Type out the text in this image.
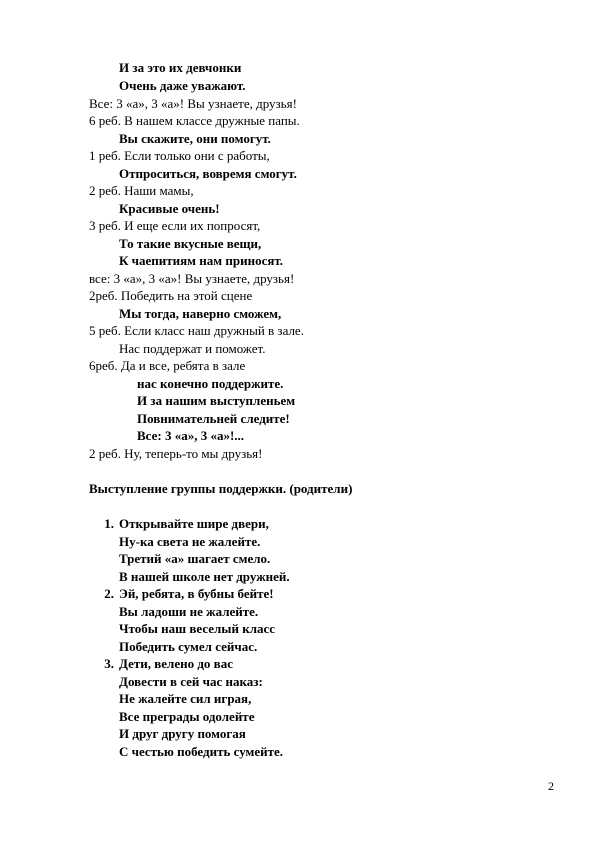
И за это их девчонки
Очень даже уважают.
Все: 3 «а», 3 «а»! Вы узнаете, друзья!
6 реб. В нашем классе дружные папы.
Вы скажите, они помогут.
1 реб. Если только они с работы,
Отпроситься, вовремя смогут.
2 реб. Наши мамы,
Красивые очень!
3 реб. И еще если их попросят,
То такие вкусные вещи,
К чаепитиям нам приносят.
все: 3 «а», 3 «а»! Вы узнаете, друзья!
2реб. Победить на этой сцене
Мы тогда, наверно сможем,
5 реб. Если класс наш дружный в зале.
Нас поддержат и поможет.
6реб. Да и все, ребята в зале
нас конечно поддержите.
И за нашим выступленьем
Повнимательней следите!
Все: 3 «а», 3 «а»!...
2 реб. Ну, теперь-то мы друзья!
Выступление группы поддержки. (родители)
1. Открывайте шире двери,
Ну-ка света не жалейте.
Третий «а» шагает смело.
В нашей школе нет дружней.
2. Эй, ребята, в бубны бейте!
Вы ладоши не жалейте.
Чтобы наш веселый класс
Победить сумел сейчас.
3. Дети, велено до вас
Довести в сей час наказ:
Не жалейте сил играя,
Все преграды одолейте
И друг другу помогая
С честью победить сумейте.
2
